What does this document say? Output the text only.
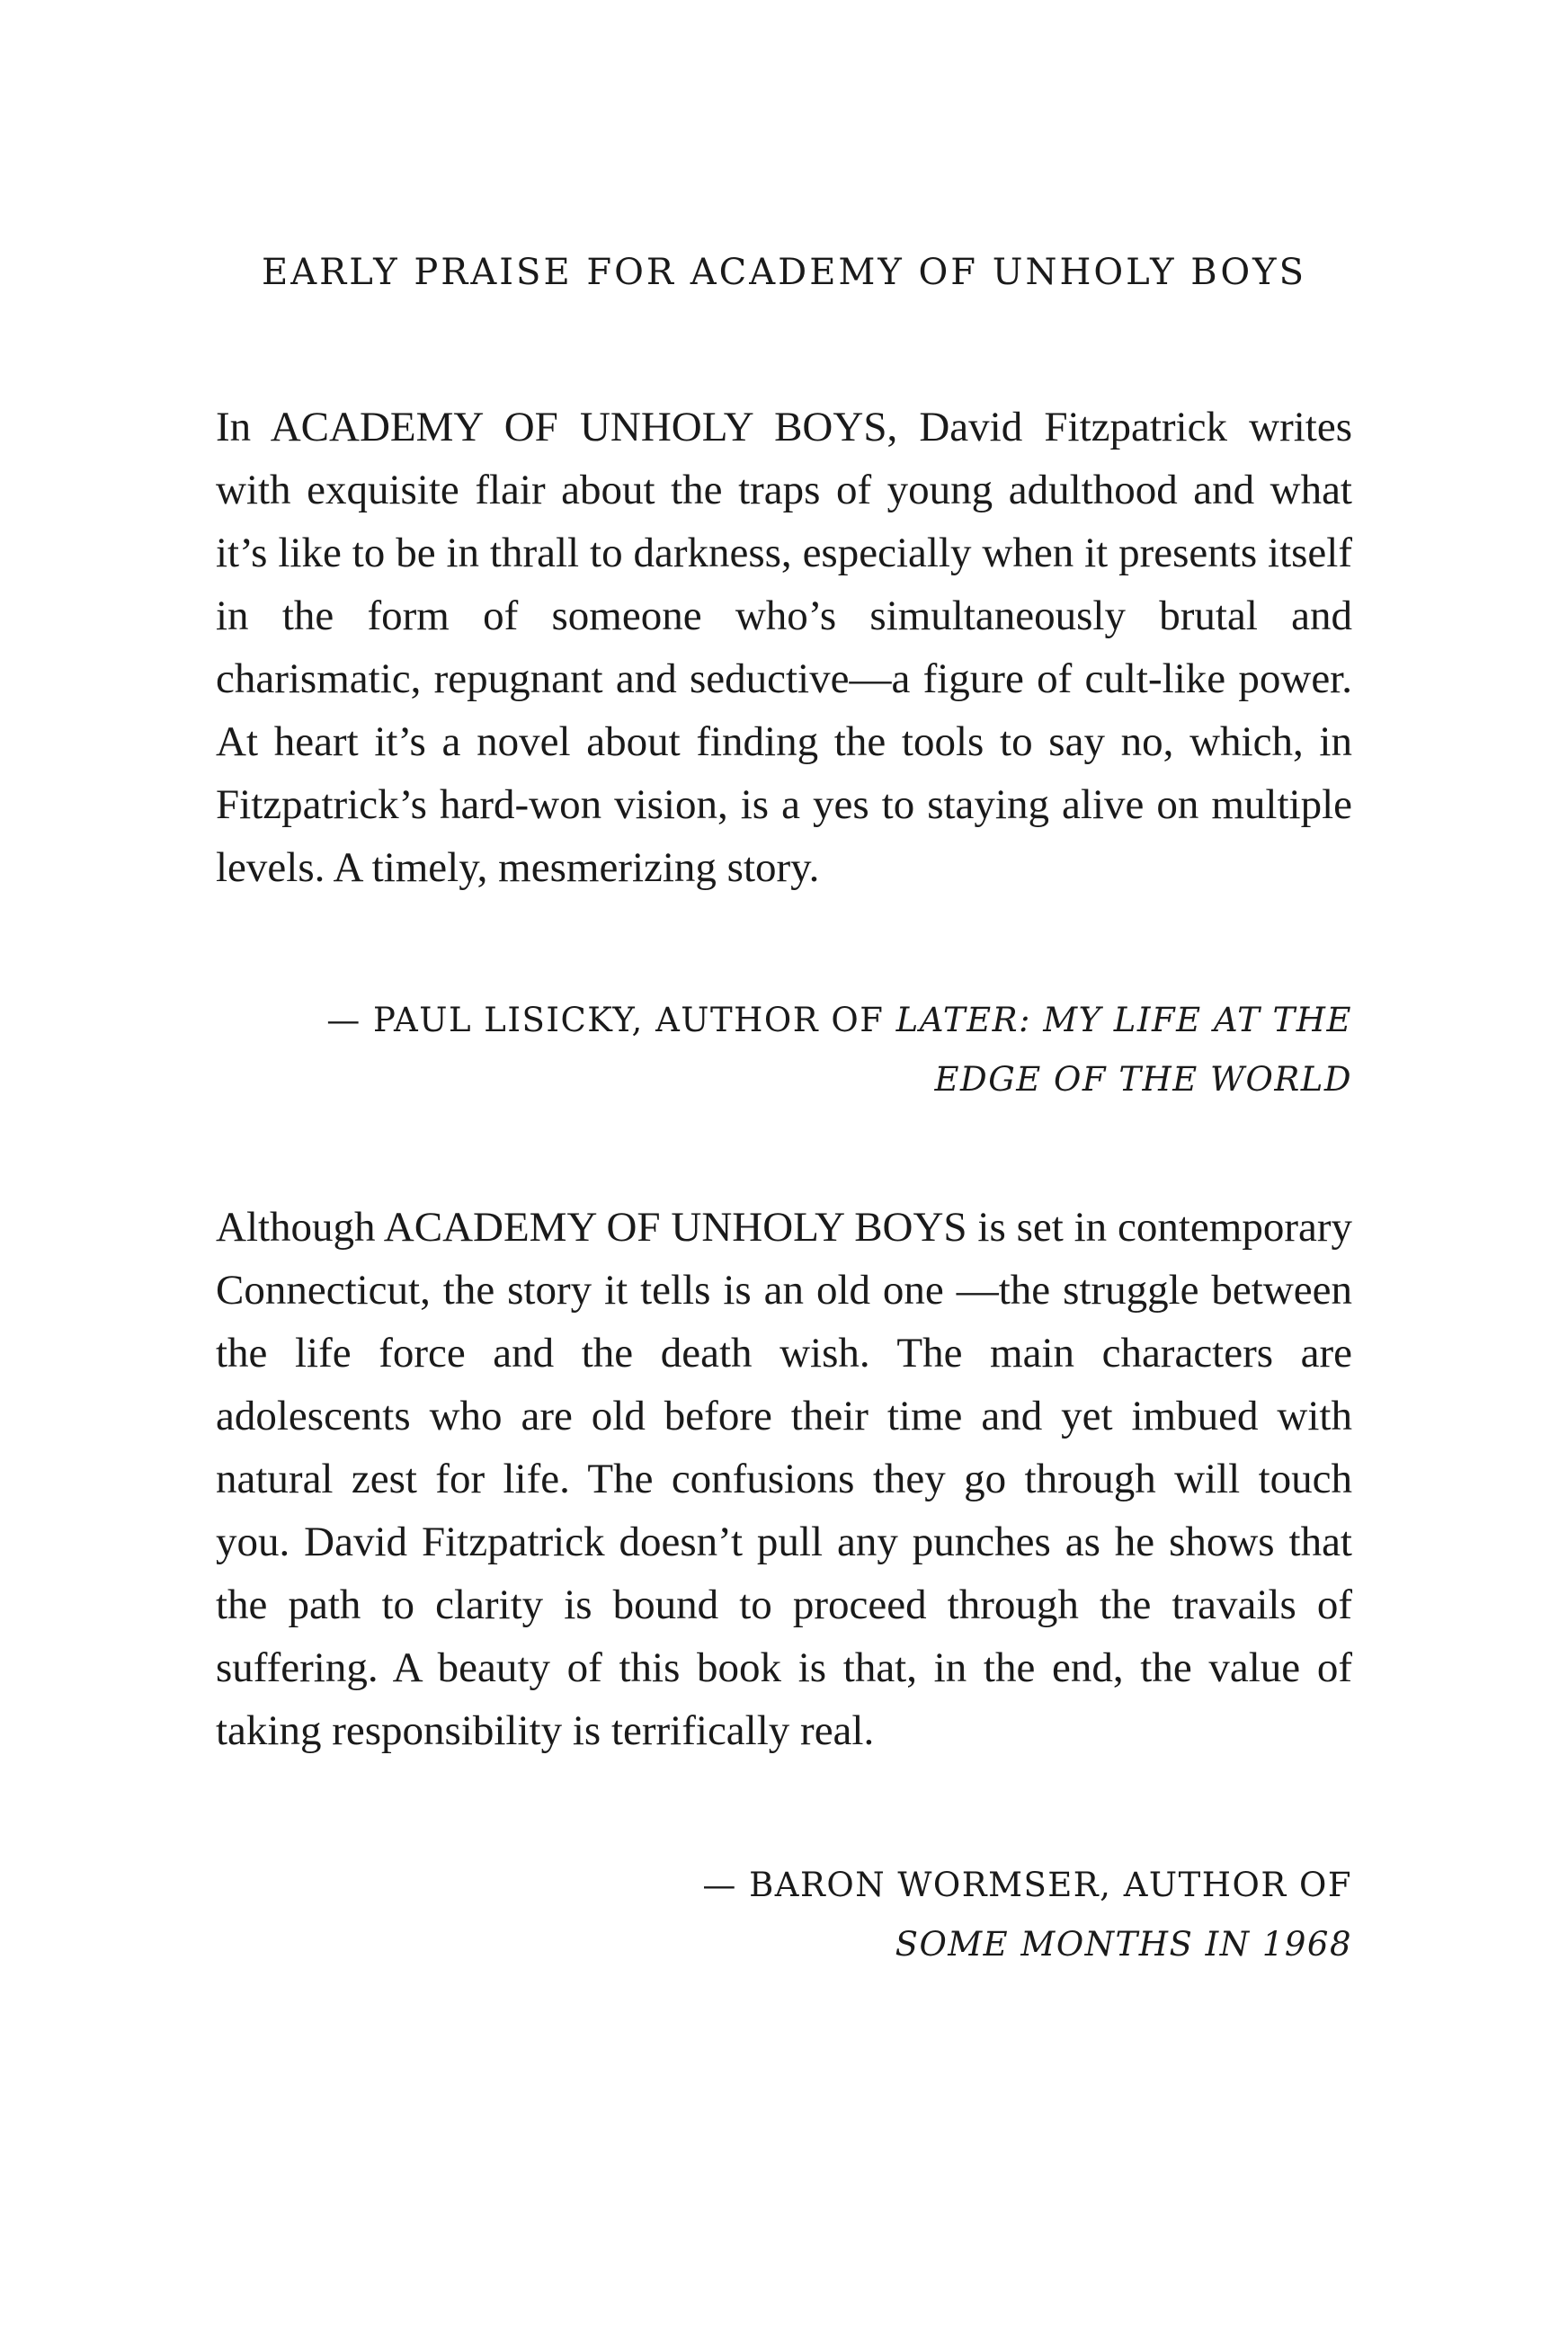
EARLY PRAISE FOR ACADEMY OF UNHOLY BOYS

In ACADEMY OF UNHOLY BOYS, David Fitzpatrick writes with exquisite flair about the traps of young adulthood and what it’s like to be in thrall to darkness, especially when it presents itself in the form of someone who’s simultaneously brutal and charismatic, repugnant and seductive—a figure of cult-like power. At heart it’s a novel about finding the tools to say no, which, in Fitzpatrick’s hard-won vision, is a yes to staying alive on multiple levels. A timely, mesmerizing story.

— PAUL LISICKY, AUTHOR OF LATER: MY LIFE AT THE EDGE OF THE WORLD

Although ACADEMY OF UNHOLY BOYS is set in contemporary Connecticut, the story it tells is an old one —the struggle between the life force and the death wish. The main characters are adolescents who are old before their time and yet imbued with natural zest for life. The confusions they go through will touch you. David Fitzpatrick doesn’t pull any punches as he shows that the path to clarity is bound to proceed through the travails of suffering. A beauty of this book is that, in the end, the value of taking responsibility is terrifically real.

— BARON WORMSER, AUTHOR OF
SOME MONTHS IN 1968
